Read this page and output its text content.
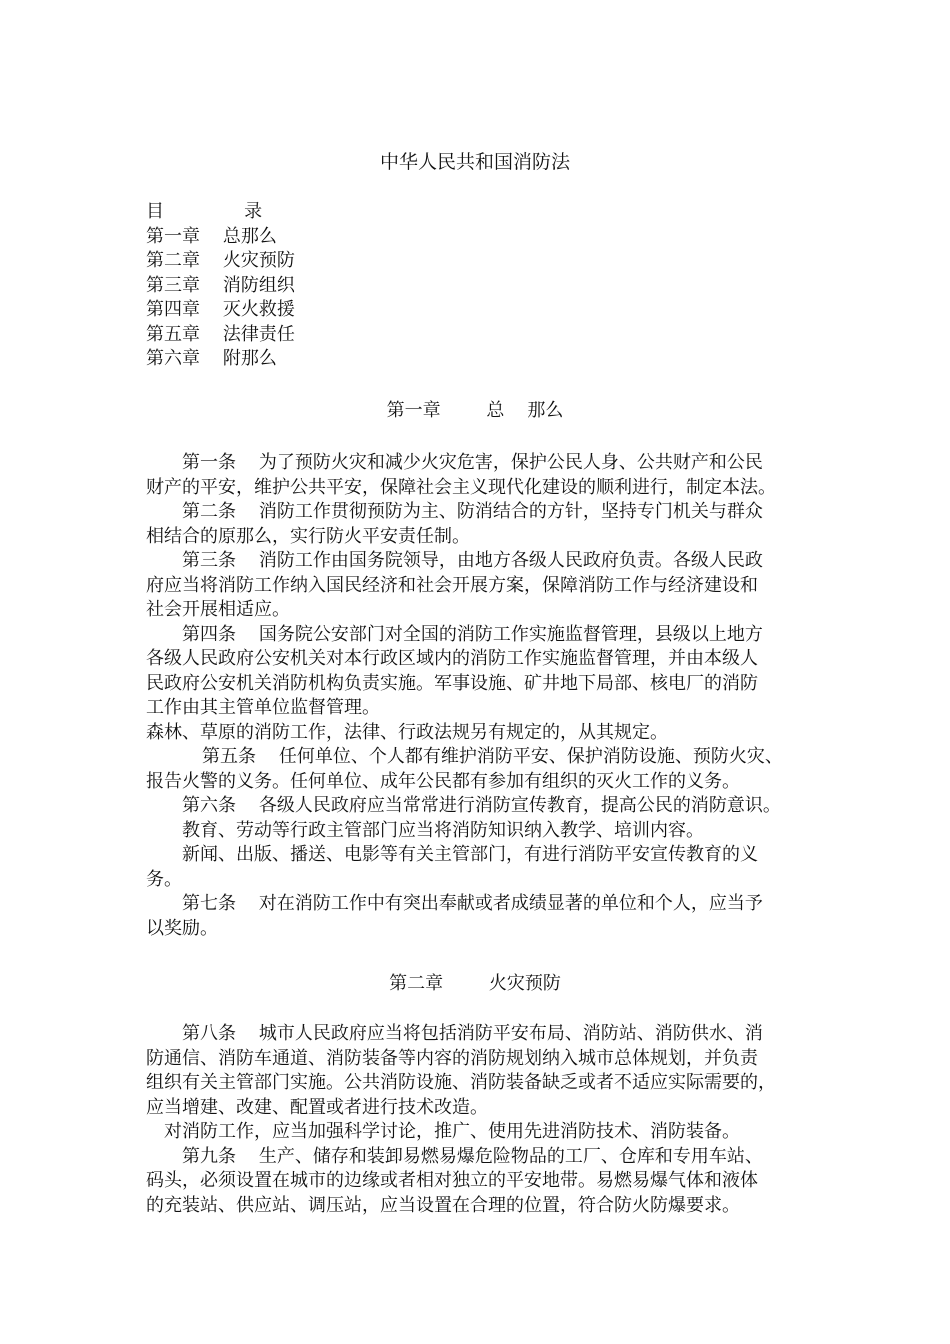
中华人民共和国消防法
目              录
第一章    总那么
第二章    火灾预防
第三章    消防组织
第四章    灭火救援
第五章    法律责任
第六章    附那么
第一章        总    那么
第一条    为了预防火灾和减少火灾危害，保护公民人身、公共财产和公民
财产的平安，维护公共平安，保障社会主义现代化建设的顺利进行，制定本法。
第二条    消防工作贯彻预防为主、防消结合的方针，坚持专门机关与群众
相结合的原那么，实行防火平安责任制。
第三条    消防工作由国务院领导，由地方各级人民政府负责。各级人民政
府应当将消防工作纳入国民经济和社会开展方案，保障消防工作与经济建设和
社会开展相适应。
第四条    国务院公安部门对全国的消防工作实施监督管理，县级以上地方
各级人民政府公安机关对本行政区域内的消防工作实施监督管理，并由本级人
民政府公安机关消防机构负责实施。军事设施、矿井地下局部、核电厂的消防
工作由其主管单位监督管理。
森林、草原的消防工作，法律、行政法规另有规定的，从其规定。
第五条    任何单位、个人都有维护消防平安、保护消防设施、预防火灾、
报告火警的义务。任何单位、成年公民都有参加有组织的灭火工作的义务。
第六条    各级人民政府应当常常进行消防宣传教育，提高公民的消防意识。
教育、劳动等行政主管部门应当将消防知识纳入教学、培训内容。
新闻、出版、播送、电影等有关主管部门，有进行消防平安宣传教育的义
务。
第七条    对在消防工作中有突出奉献或者成绩显著的单位和个人，应当予
以奖励。
第二章        火灾预防
第八条    城市人民政府应当将包括消防平安布局、消防站、消防供水、消
防通信、消防车通道、消防装备等内容的消防规划纳入城市总体规划，并负责
组织有关主管部门实施。公共消防设施、消防装备缺乏或者不适应实际需要的，
应当增建、改建、配置或者进行技术改造。
对消防工作，应当加强科学讨论，推广、使用先进消防技术、消防装备。
第九条    生产、储存和装卸易燃易爆危险物品的工厂、仓库和专用车站、
码头，必须设置在城市的边缘或者相对独立的平安地带。易燃易爆气体和液体
的充装站、供应站、调压站，应当设置在合理的位置，符合防火防爆要求。
